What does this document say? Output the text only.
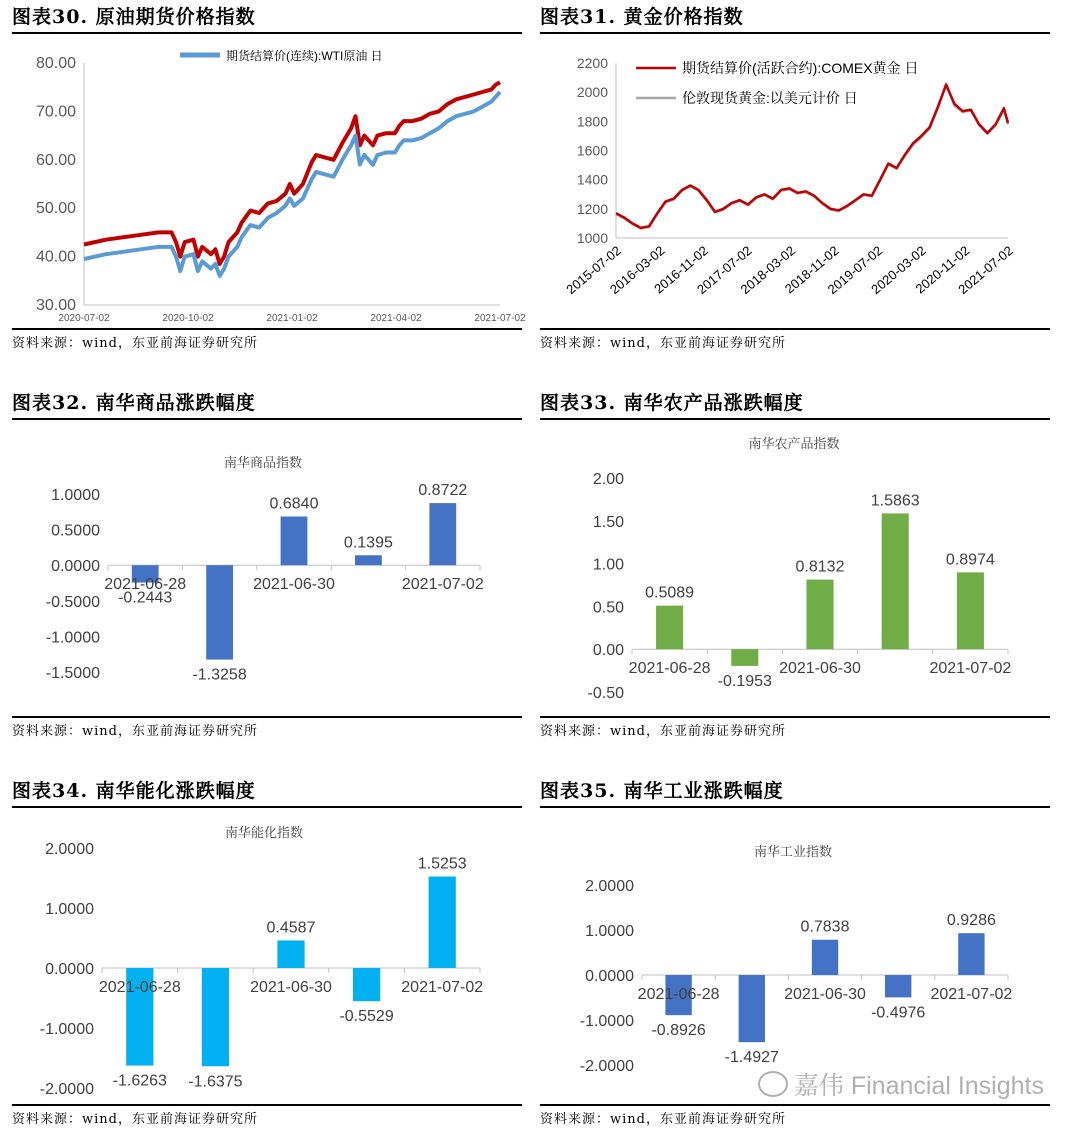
图表30. 原油期货价格指数
30.00
40.00
50.00
60.00
70.00
80.00
2020-07-02	2020-10-02	2021-01-02	2021-04-02	2021-07-02
期货结算价(连续):WTI原油 日
资料来源：wind，东亚前海证券研究所
图表31. 黄金价格指数
1000
1200
1400
1600
1800
2000
2200
2015-07-02
2016-03-02
2016-11-02
2017-07-02
2018-03-02
2018-11-02
2019-07-02
2020-03-02
2020-11-02
2021-07-02
期货结算价(活跃合约):COMEX黄金 日
伦敦现货黄金:以美元计价 日
资料来源：wind，东亚前海证券研究所
图表32. 南华商品涨跌幅度
南华商品指数
1.0000
0.5000
0.0000
-0.5000
-1.0000
-1.5000
-0.2443
-1.3258
0.6840
0.1395
0.8722
2021-06-28	2021-06-30	2021-07-02
资料来源：wind，东亚前海证券研究所
图表33. 南华农产品涨跌幅度
南华农产品指数
2.00
1.50
1.00
0.50
0.00
-0.50
0.5089
-0.1953
0.8132
1.5863
0.8974
2021-06-28	2021-06-30	2021-07-02
资料来源：wind，东亚前海证券研究所
图表34. 南华能化涨跌幅度
南华能化指数
2.0000
1.0000
0.0000
-1.0000
-2.0000 -1.6263 -1.6375
0.4587
-0.5529
1.5253
2021-06-28	2021-06-30	2021-07-02
资料来源：wind，东亚前海证券研究所
图表35. 南华工业涨跌幅度
南华工业指数
2.0000
1.0000
0.0000
-1.0000
-2.0000
-0.8926
-1.4927
0.7838
-0.4976
0.9286
2021-06-28	2021-06-30	2021-07-02
资料来源：wind，东亚前海证券研究所
嘉伟 Financial Insights
